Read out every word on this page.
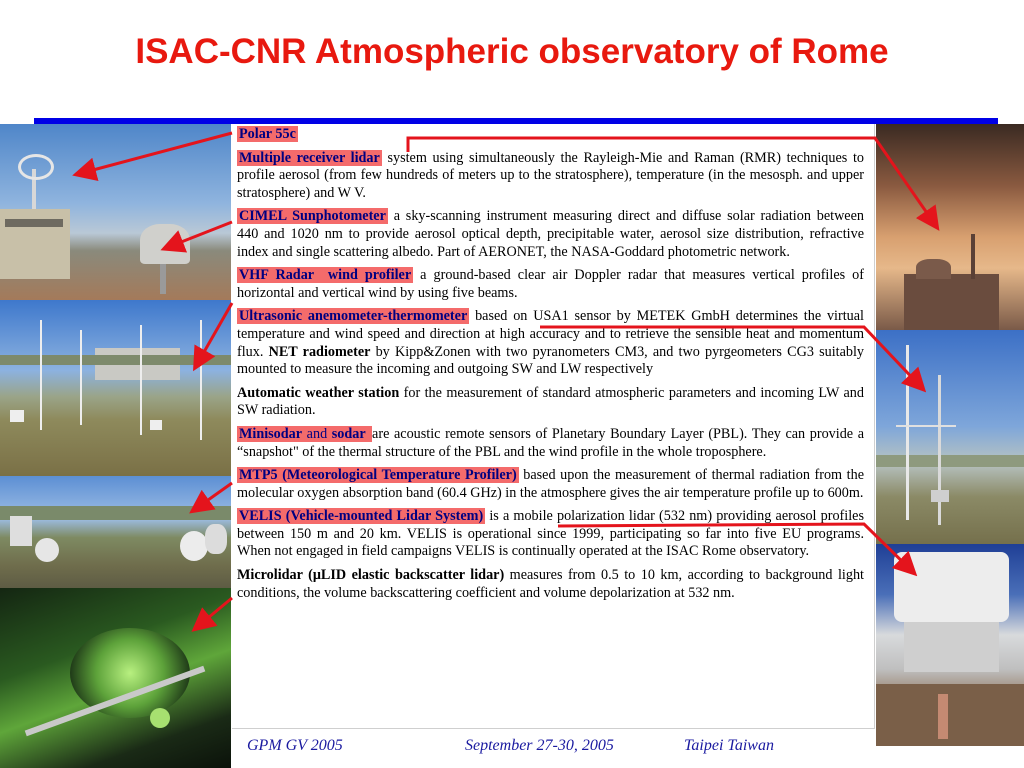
ISAC-CNR Atmospheric observatory of Rome

Polar 55c

Multiple receiver lidar system using simultaneously the Rayleigh-Mie and Raman (RMR) techniques to profile aerosol (from few hundreds of meters up to the stratosphere), temperature (in the mesosph. and upper stratosphere) and W V.

CIMEL Sunphotometer a sky-scanning instrument measuring direct and diffuse solar radiation between 440 and 1020 nm to provide aerosol optical depth, precipitable water, aerosol size distribution, refractive index and single scattering albedo. Part of AERONET, the NASA-Goddard photometric network.

VHF Radar  wind profiler a ground-based clear air Doppler radar that measures vertical profiles of horizontal and vertical wind by using five beams.

Ultrasonic anemometer-thermometer based on USA1 sensor by METEK GmbH determines the virtual temperature and wind speed and direction at high accuracy and to retrieve the sensible heat and momentum flux. NET radiometer by Kipp&Zonen with two pyranometers CM3, and two pyrgeometers CG3 suitably mounted to measure the incoming and outgoing SW and LW respectively

Automatic weather station for the measurement of standard atmospheric parameters and incoming LW and SW radiation.

Minisodar and sodar are acoustic remote sensors of Planetary Boundary Layer (PBL). They can provide a “snapshot" of the thermal structure of the PBL and the wind profile in the whole troposphere.

MTP5 (Meteorological Temperature Profiler) based upon the measurement of thermal radiation from the molecular oxygen absorption band (60.4 GHz) in the atmosphere gives the air temperature profile up to 600m.

VELIS (Vehicle-mounted Lidar System) is a mobile polarization lidar (532 nm) providing aerosol profiles between 150 m and 20 km. VELIS is operational since 1999, participating so far into five EU programs. When not engaged in field campaigns VELIS is continually operated at the ISAC Rome observatory.

Microlidar (μLID elastic backscatter lidar) measures from 0.5 to 10 km, according to background light conditions, the volume backscattering coefficient and volume depolarization at 532 nm.

GPM GV 2005	September 27-30, 2005	Taipei Taiwan
